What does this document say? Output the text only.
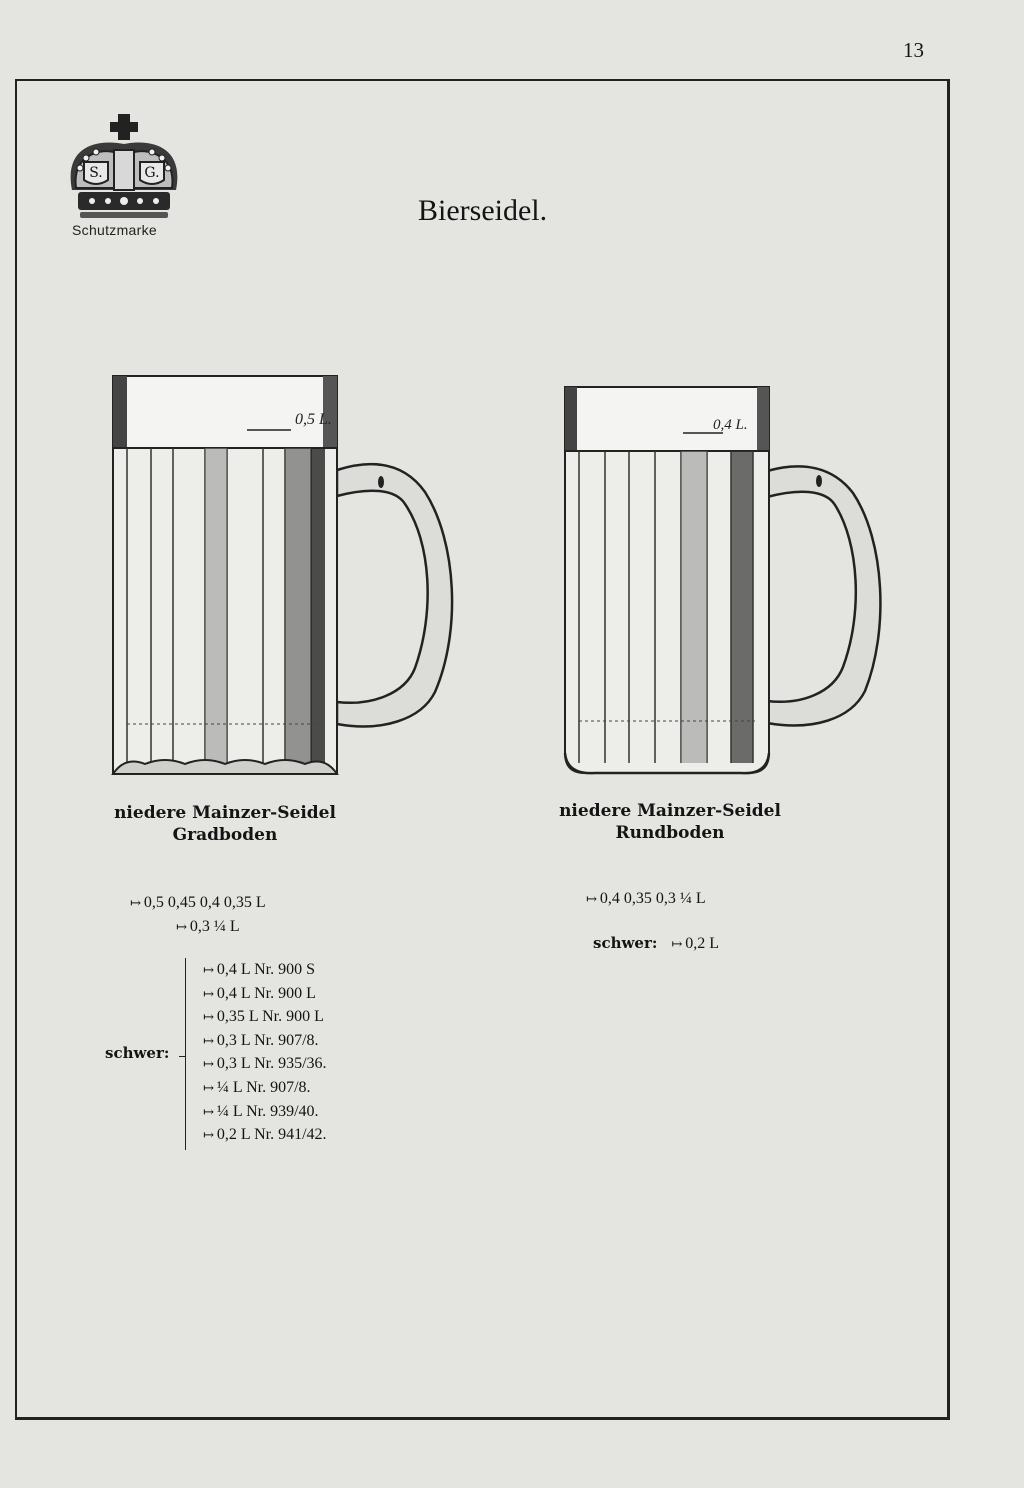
13
S.	G.
Schutzmarke
Bierseidel.
0,5 L.	0,4 L.
niedere Mainzer-Seidel
Gradboden
niedere Mainzer-Seidel
Rundboden
↦ 0,5 0,45 0,4 0,35 L
↦ 0,3 ¼ L
schwer:
↦ 0,4 L Nr. 900 S
↦ 0,4 L Nr. 900 L
↦ 0,35 L Nr. 900 L
↦ 0,3 L Nr. 907/8.
↦ 0,3 L Nr. 935/36.
↦ ¼ L Nr. 907/8.
↦ ¼ L Nr. 939/40.
↦ 0,2 L Nr. 941/42.
↦ 0,4 0,35 0,3 ¼ L
schwer: ↦ 0,2 L
